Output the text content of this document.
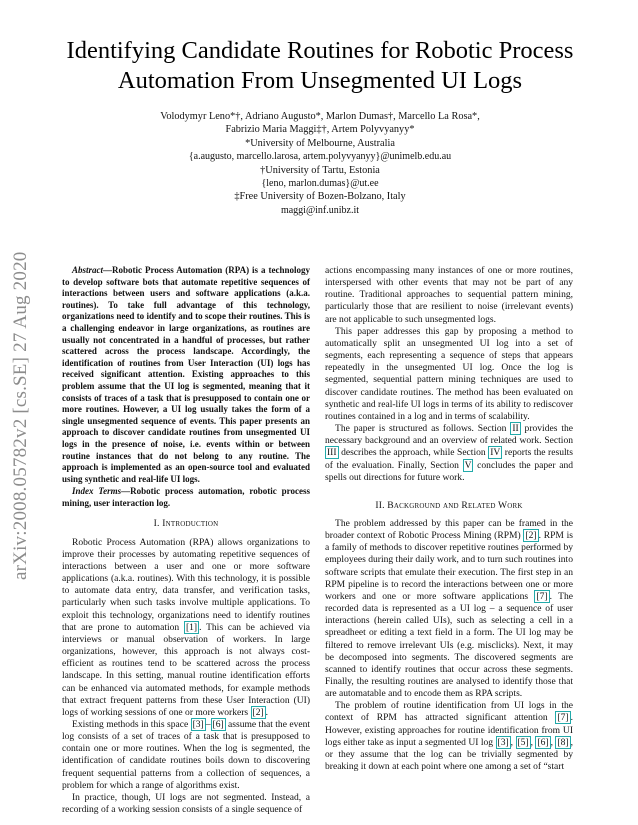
arXiv:2008.05782v2 [cs.SE] 27 Aug 2020
Identifying Candidate Routines for Robotic Process Automation From Unsegmented UI Logs
Volodymyr Leno*†, Adriano Augusto*, Marlon Dumas†, Marcello La Rosa*,
Fabrizio Maria Maggi‡†, Artem Polyvyanyy*
*University of Melbourne, Australia
{a.augusto, marcello.larosa, artem.polyvyanyy}@unimelb.edu.au
†University of Tartu, Estonia
{leno, marlon.dumas}@ut.ee
‡Free University of Bozen-Bolzano, Italy
maggi@inf.unibz.it

Abstract—Robotic Process Automation (RPA) is a technology to develop software bots that automate repetitive sequences of interactions between users and software applications (a.k.a. routines). To take full advantage of this technology, organizations need to identify and to scope their routines. This is a challenging endeavor in large organizations, as routines are usually not concentrated in a handful of processes, but rather scattered across the process landscape. Accordingly, the identification of routines from User Interaction (UI) logs has received significant attention. Existing approaches to this problem assume that the UI log is segmented, meaning that it consists of traces of a task that is presupposed to contain one or more routines. However, a UI log usually takes the form of a single unsegmented sequence of events. This paper presents an approach to discover candidate routines from unsegmented UI logs in the presence of noise, i.e. events within or between routine instances that do not belong to any routine. The approach is implemented as an open-source tool and evaluated using synthetic and real-life UI logs.

Index Terms—Robotic process automation, robotic process mining, user interaction log.

I. Introduction

Robotic Process Automation (RPA) allows organizations to improve their processes by automating repetitive sequences of interactions between a user and one or more software applications (a.k.a. routines). With this technology, it is possible to automate data entry, data transfer, and verification tasks, particularly when such tasks involve multiple applications. To exploit this technology, organizations need to identify routines that are prone to automation [1] . This can be achieved via interviews or manual observation of workers. In large organizations, however, this approach is not always cost-efficient as routines tend to be scattered across the process landscape. In this setting, manual routine identification efforts can be enhanced via automated methods, for example methods that extract frequent patterns from these User Interaction (UI) logs of working sessions of one or more workers [2] .

Existing methods in this space [3] – [6] assume that the event log consists of a set of traces of a task that is presupposed to contain one or more routines. When the log is segmented, the identification of candidate routines boils down to discovering frequent sequential patterns from a collection of sequences, a problem for which a range of algorithms exist.

In practice, though, UI logs are not segmented. Instead, a recording of a working session consists of a single sequence of

actions encompassing many instances of one or more routines, interspersed with other events that may not be part of any routine. Traditional approaches to sequential pattern mining, particularly those that are resilient to noise (irrelevant events) are not applicable to such unsegmented logs.

This paper addresses this gap by proposing a method to automatically split an unsegmented UI log into a set of segments, each representing a sequence of steps that appears repeatedly in the unsegmented UI log. Once the log is segmented, sequential pattern mining techniques are used to discover candidate routines. The method has been evaluated on synthetic and real-life UI logs in terms of its ability to rediscover routines contained in a log and in terms of scalability.

The paper is structured as follows. Section II provides the necessary background and an overview of related work. Section III describes the approach, while Section IV reports the results of the evaluation. Finally, Section V concludes the paper and spells out directions for future work.

II. Background and Related Work

The problem addressed by this paper can be framed in the broader context of Robotic Process Mining (RPM) [2] . RPM is a family of methods to discover repetitive routines performed by employees during their daily work, and to turn such routines into software scripts that emulate their execution. The first step in an RPM pipeline is to record the interactions between one or more workers and one or more software applications [7] . The recorded data is represented as a UI log – a sequence of user interactions (herein called UIs), such as selecting a cell in a spreadheet or editing a text field in a form. The UI log may be filtered to remove irrelevant UIs (e.g. misclicks). Next, it may be decomposed into segments. The discovered segments are scanned to identify routines that occur across these segments. Finally, the resulting routines are analysed to identify those that are automatable and to encode them as RPA scripts.

The problem of routine identification from UI logs in the context of RPM has attracted significant attention [7] . However, existing approaches for routine identification from UI logs either take as input a segmented UI log [3] , [5] , [6] , [8] , or they assume that the log can be trivially segmented by breaking it down at each point where one among a set of “start
